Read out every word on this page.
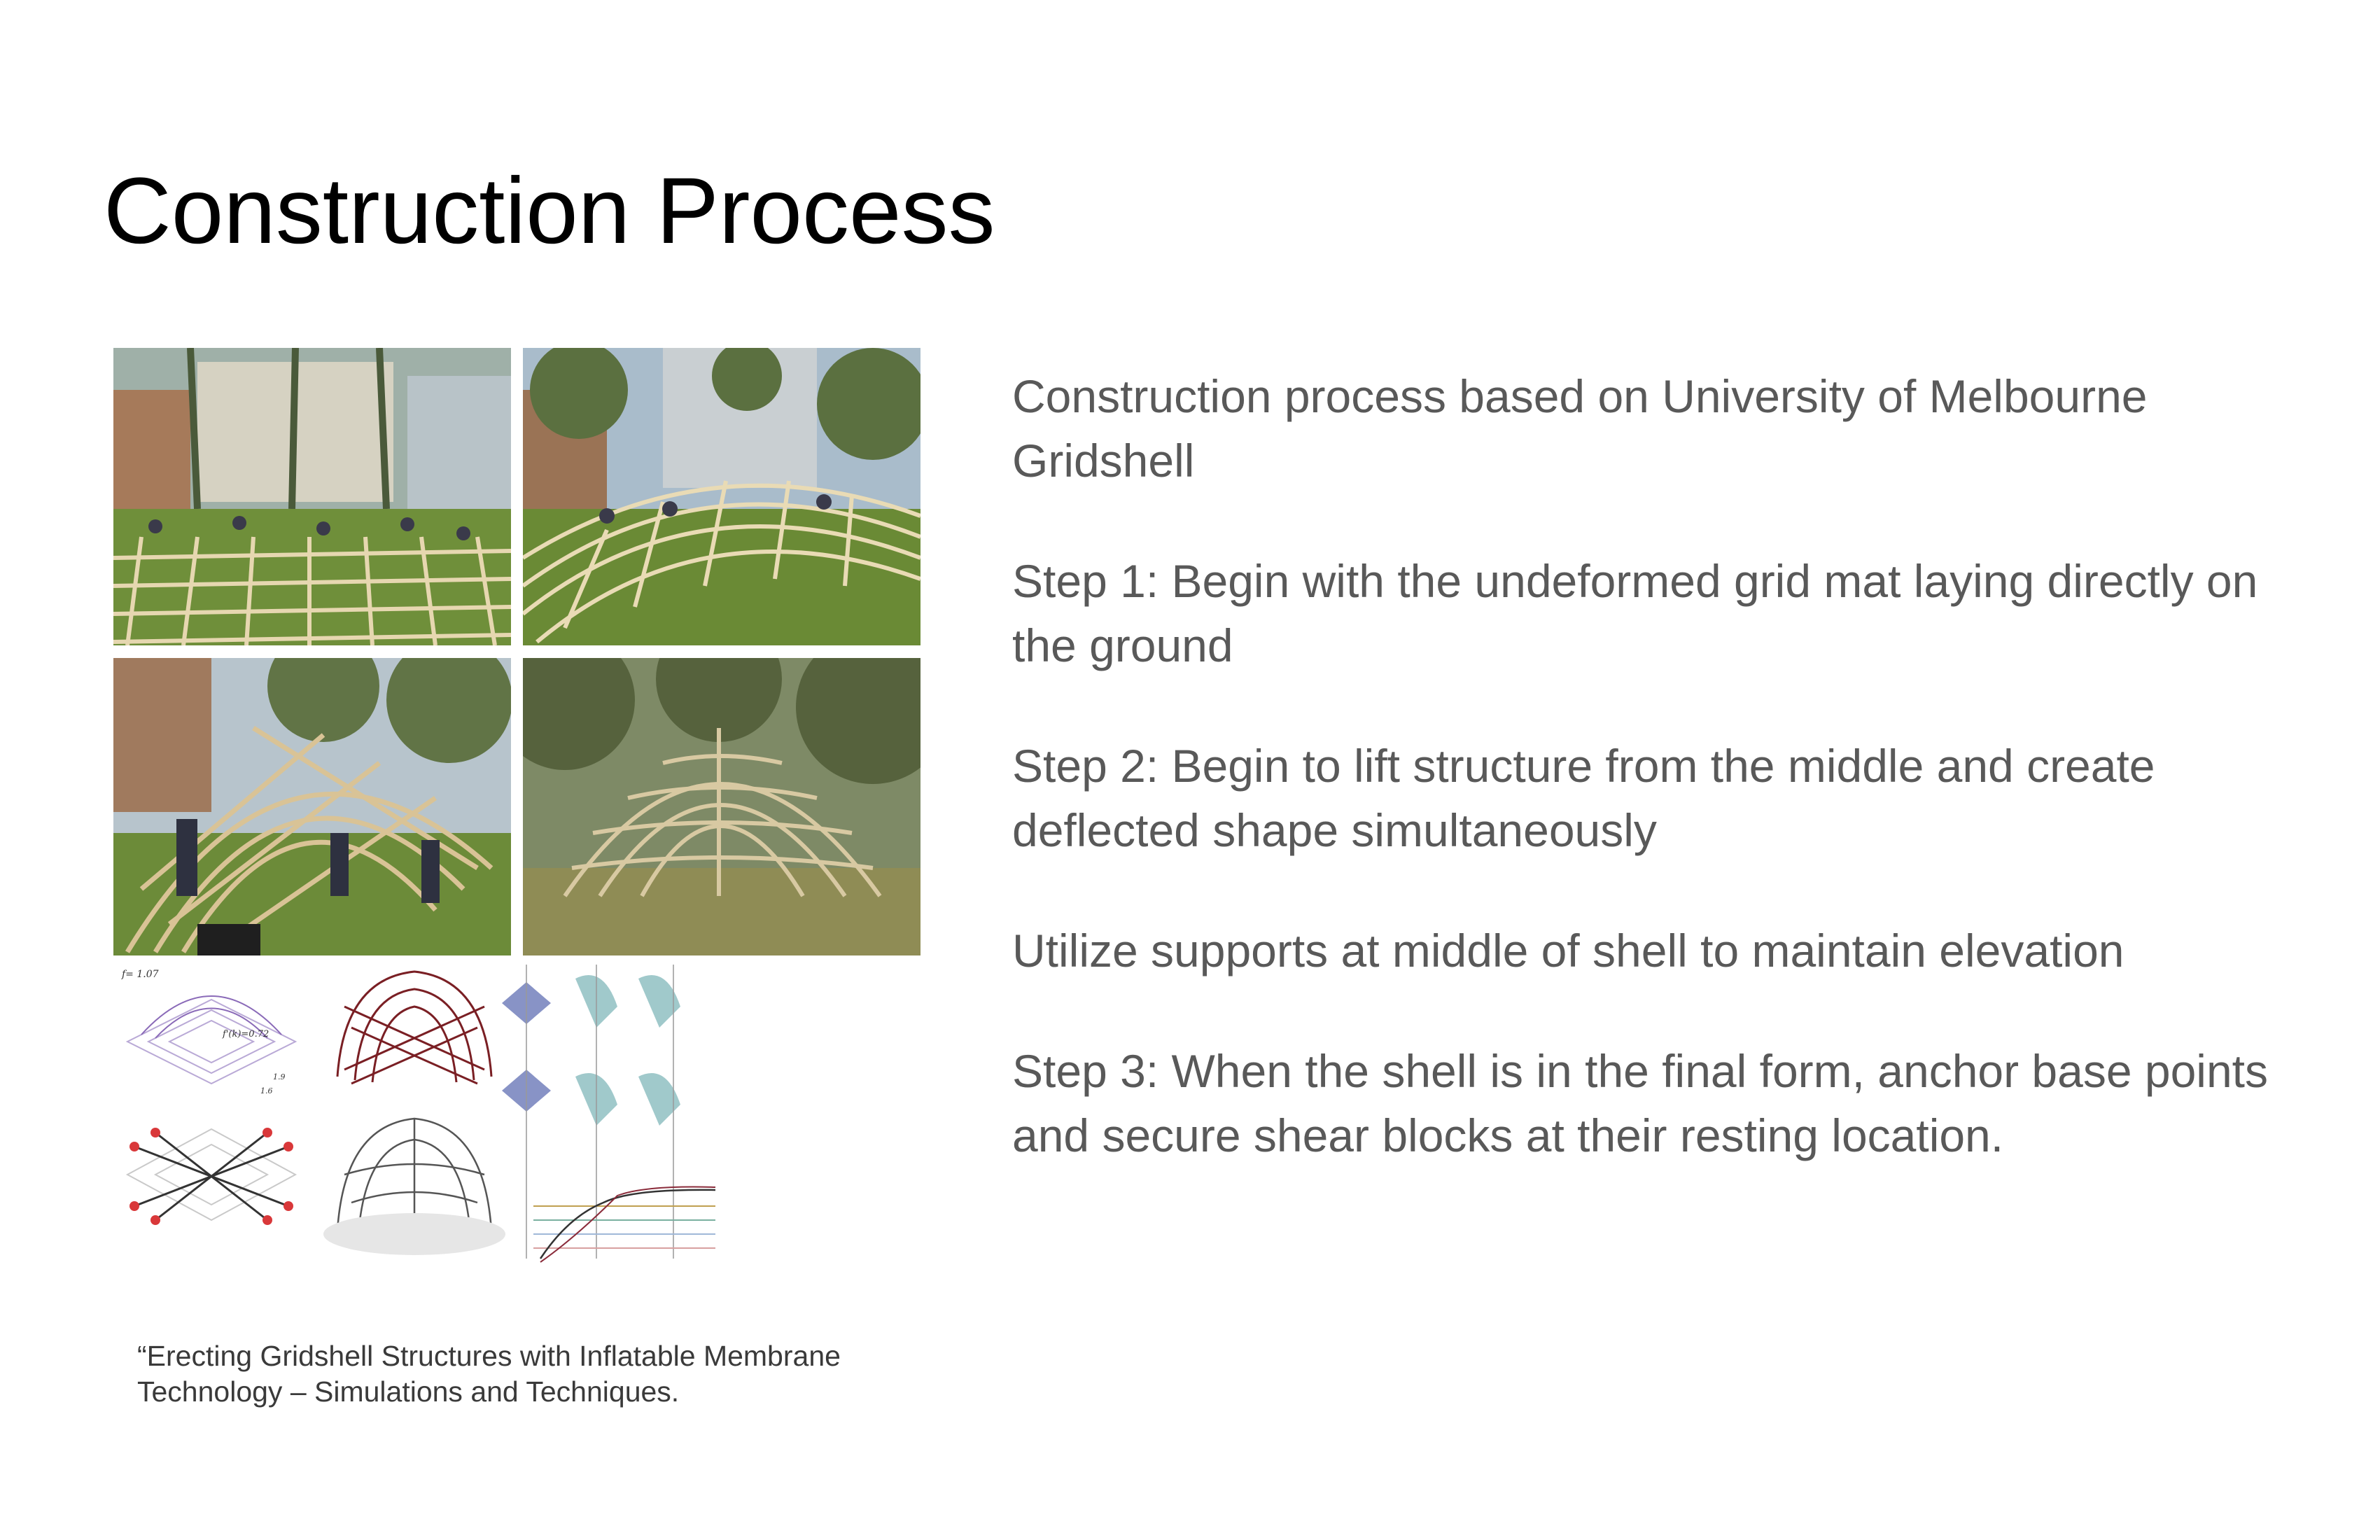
Construction Process
f= 1.07
f'(k)=0.72
1.9
1.6

“Erecting Gridshell Structures with Inflatable Membrane

Technology – Simulations and Techniques.

Construction process based on University of Melbourne
Gridshell

Step 1: Begin with the undeformed grid mat laying directly on
the ground

Step 2: Begin to lift structure from the middle and create
deflected shape simultaneously

Utilize supports at middle of shell to maintain elevation

Step 3: When the shell is in the final form, anchor base points
and secure shear blocks at their resting location.
